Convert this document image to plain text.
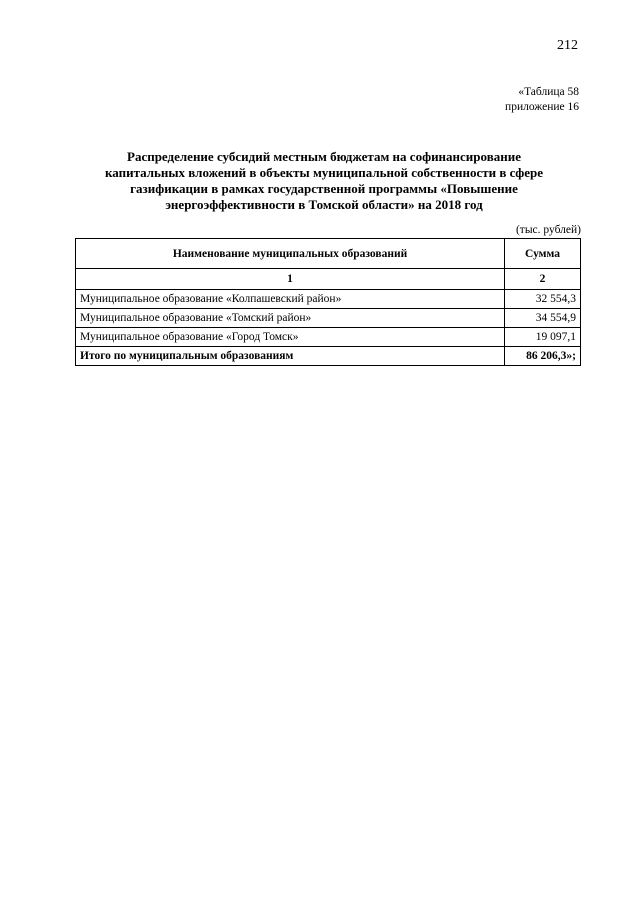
212
«Таблица 58
приложение 16
Распределение субсидий местным бюджетам на софинансирование
капитальных вложений в объекты муниципальной собственности в сфере
газификации в рамках государственной программы «Повышение
энергоэффективности в Томской области» на 2018 год
(тыс. рублей)
Наименование муниципальных образований	Сумма
1	2
Муниципальное образование «Колпашевский район»	32 554,3
Муниципальное образование «Томский район»	34 554,9
Муниципальное образование «Город Томск»	19 097,1
Итого по муниципальным образованиям	86 206,3»;
